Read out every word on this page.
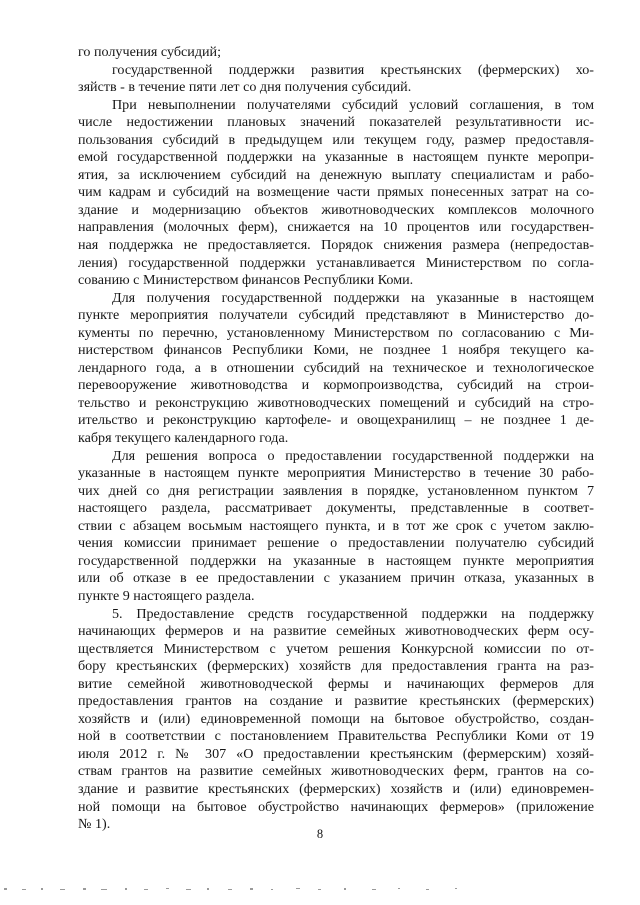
го получения субсидий;
государственной поддержки развития крестьянских (фермерских) хо-
зяйств - в течение пяти лет со дня получения субсидий.
При невыполнении получателями субсидий условий соглашения, в том
числе недостижении плановых значений показателей результативности ис-
пользования субсидий в предыдущем или текущем году, размер предоставля-
емой государственной поддержки на указанные в настоящем пункте меропри-
ятия, за исключением субсидий на денежную выплату специалистам и рабо-
чим кадрам и субсидий на возмещение части прямых понесенных затрат на со-
здание и модернизацию объектов животноводческих комплексов молочного
направления (молочных ферм), снижается на 10 процентов или государствен-
ная поддержка не предоставляется. Порядок снижения размера (непредостав-
ления) государственной поддержки устанавливается Министерством по согла-
сованию с Министерством финансов Республики Коми.
Для получения государственной поддержки на указанные в настоящем
пункте мероприятия получатели субсидий представляют в Министерство до-
кументы по перечню, установленному Министерством по согласованию с Ми-
нистерством финансов Республики Коми, не позднее 1 ноября текущего ка-
лендарного года, а в отношении субсидий на техническое и технологическое
перевооружение животноводства и кормопроизводства, субсидий на строи-
тельство и реконструкцию животноводческих помещений и субсидий на стро-
ительство и реконструкцию картофеле- и овощехранилищ – не позднее 1 де-
кабря текущего календарного года.
Для решения вопроса о предоставлении государственной поддержки на
указанные в настоящем пункте мероприятия Министерство в течение 30 рабо-
чих дней со дня регистрации заявления в порядке, установленном пунктом 7
настоящего раздела, рассматривает документы, представленные в соответ-
ствии с абзацем восьмым настоящего пункта, и в тот же срок с учетом заклю-
чения комиссии принимает решение о предоставлении получателю субсидий
государственной поддержки на указанные в настоящем пункте мероприятия
или об отказе в ее предоставлении с указанием причин отказа, указанных в
пункте 9 настоящего раздела.
5. Предоставление средств государственной поддержки на поддержку
начинающих фермеров и на развитие семейных животноводческих ферм осу-
ществляется Министерством с учетом решения Конкурсной комиссии по от-
бору крестьянских (фермерских) хозяйств для предоставления гранта на раз-
витие семейной животноводческой фермы и начинающих фермеров для
предоставления грантов на создание и развитие крестьянских (фермерских)
хозяйств и (или) единовременной помощи на бытовое обустройство, создан-
ной в соответствии с постановлением Правительства Республики Коми от 19
июля 2012 г. № 307 «О предоставлении крестьянским (фермерским) хозяй-
ствам грантов на развитие семейных животноводческих ферм, грантов на со-
здание и развитие крестьянских (фермерских) хозяйств и (или) единовремен-
ной помощи на бытовое обустройство начинающих фермеров» (приложение
№ 1).
8
